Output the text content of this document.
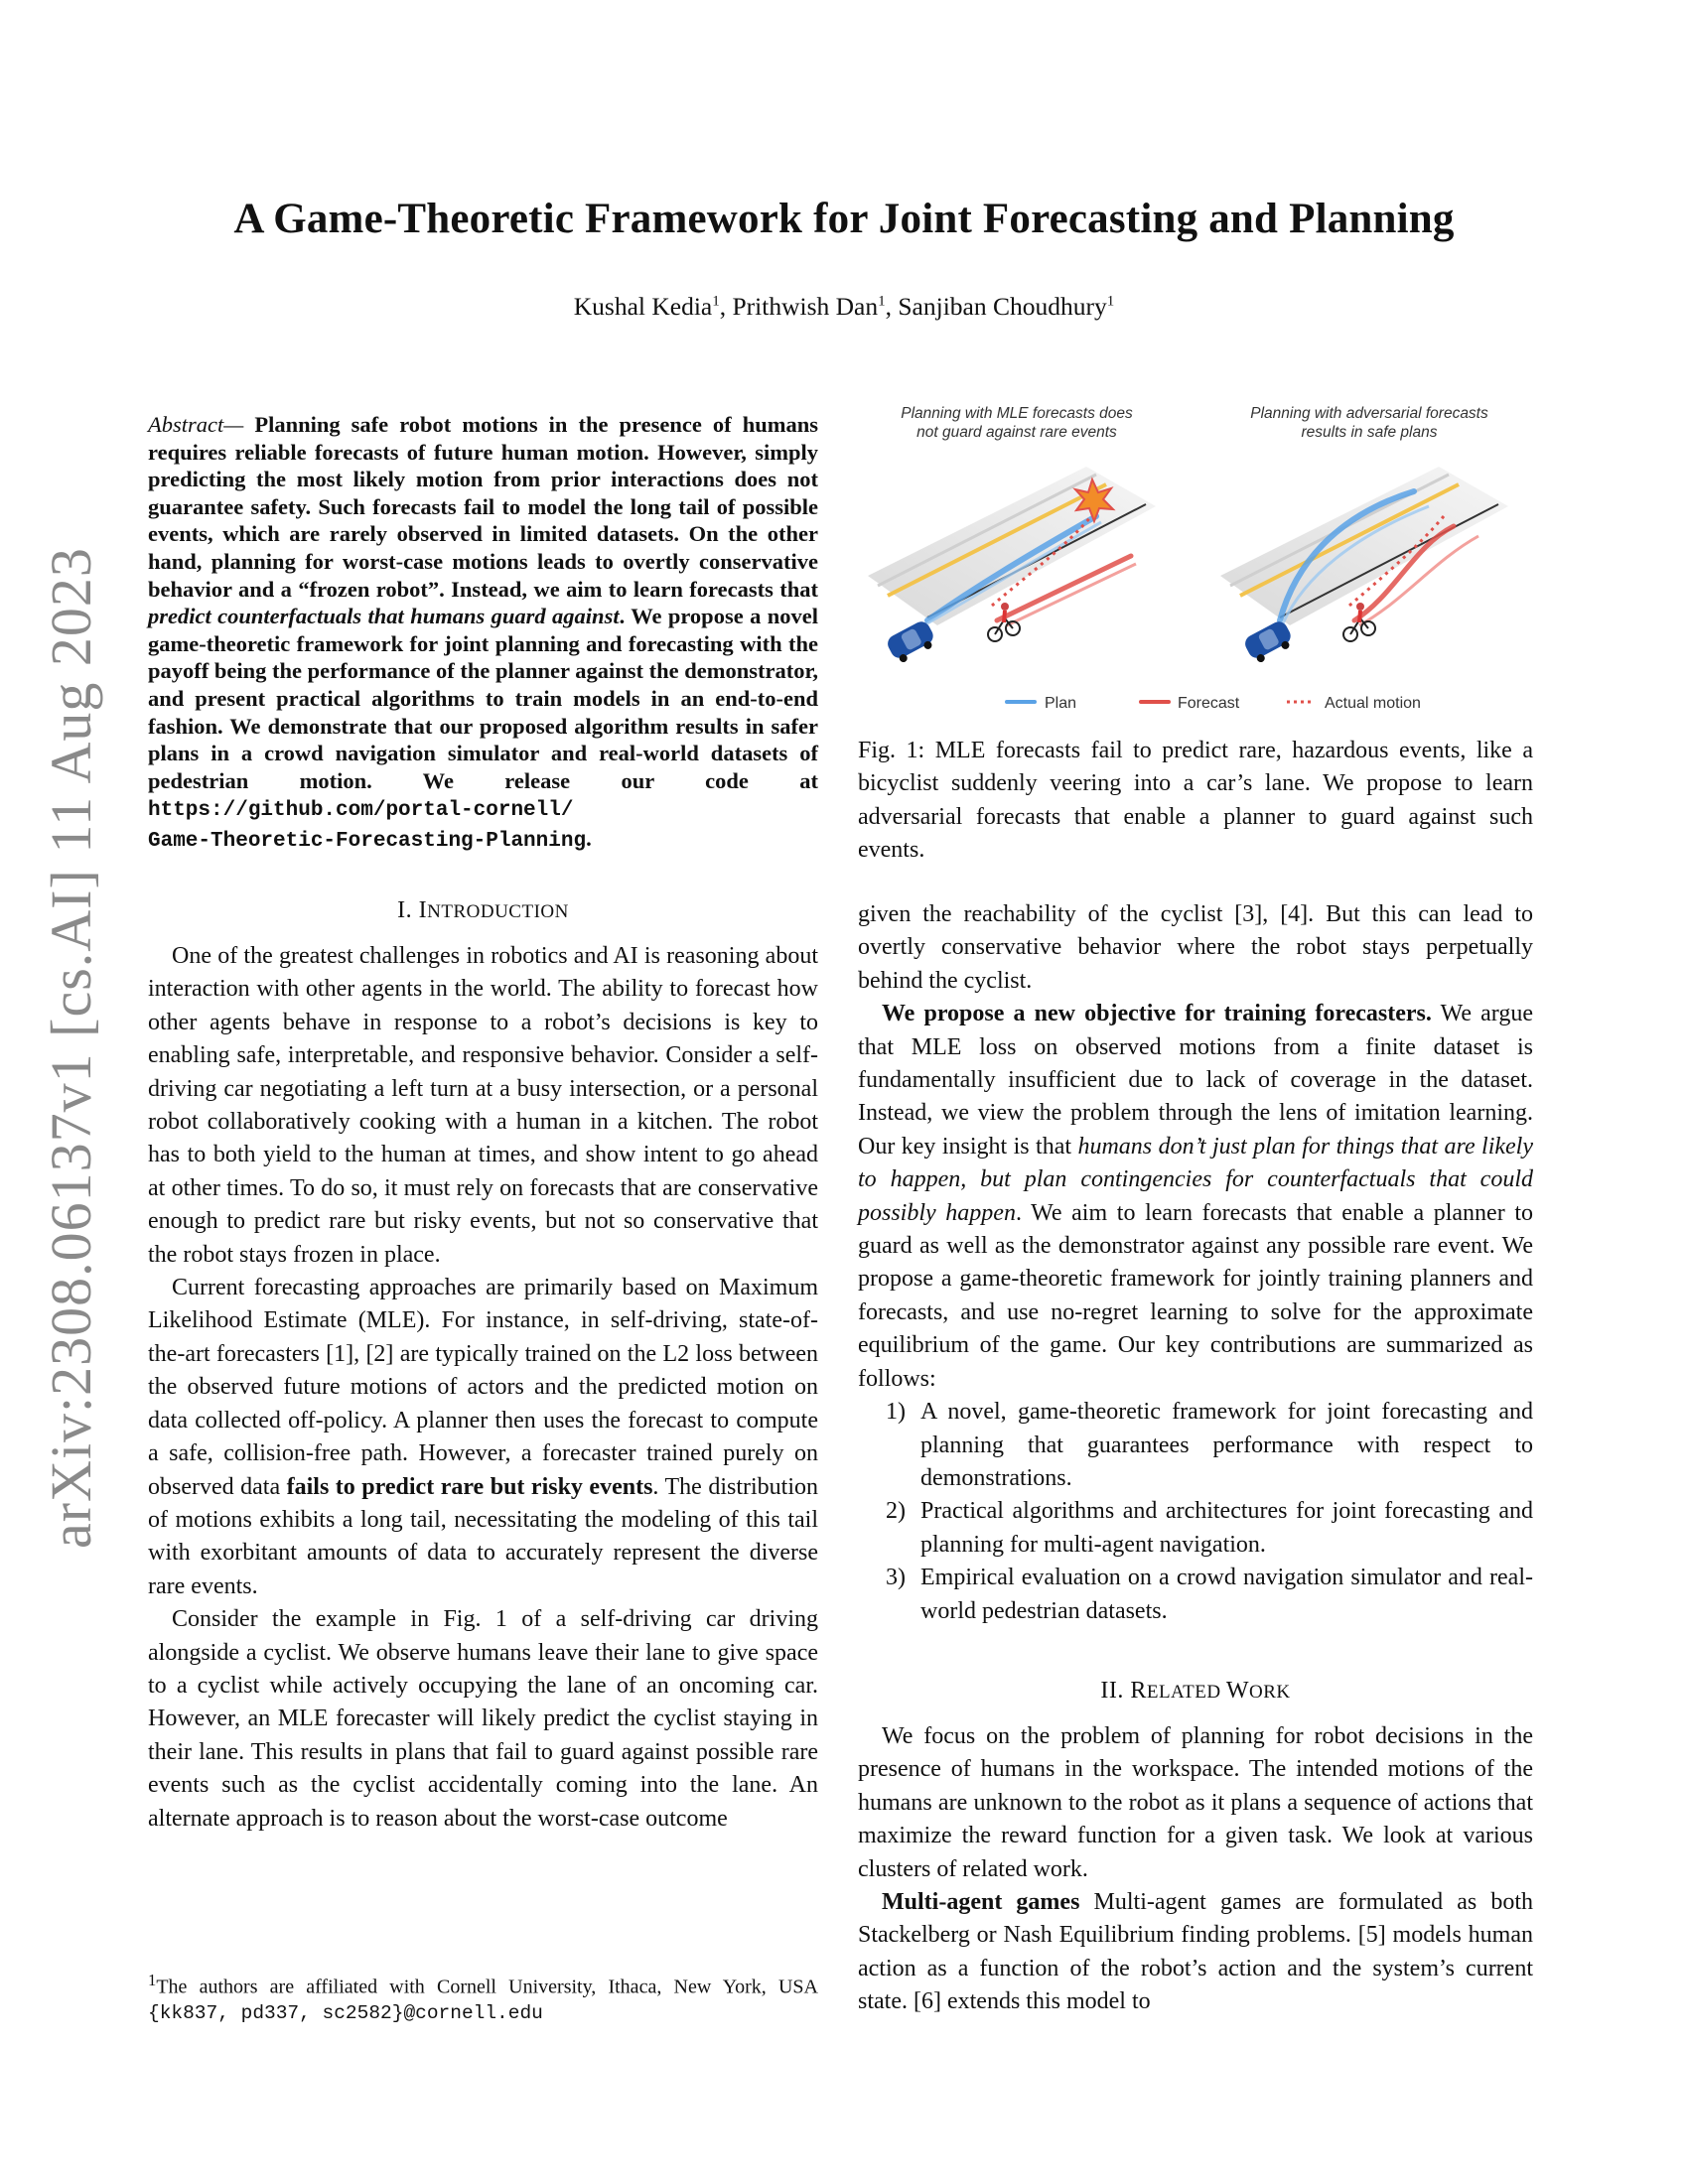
arXiv:2308.06137v1 [cs.AI] 11 Aug 2023
A Game-Theoretic Framework for Joint Forecasting and Planning
Kushal Kedia$^1$, Prithwish Dan$^1$, Sanjiban Choudhury$^1$
Abstract— Planning safe robot motions in the presence of humans requires reliable forecasts of future human motion. However, simply predicting the most likely motion from prior interactions does not guarantee safety. Such forecasts fail to model the long tail of possible events, which are rarely observed in limited datasets. On the other hand, planning for worst-case motions leads to overtly conservative behavior and a “frozen robot”. Instead, we aim to learn forecasts that predict counterfactuals that humans guard against. We propose a novel game-theoretic framework for joint planning and forecasting with the payoff being the performance of the planner against the demonstrator, and present practical algorithms to train models in an end-to-end fashion. We demonstrate that our proposed algorithm results in safer plans in a crowd navigation simulator and real-world datasets of pedestrian motion. We release our code at https://github.com/portal-cornell/
Game-Theoretic-Forecasting-Planning.
I. INTRODUCTION

One of the greatest challenges in robotics and AI is reasoning about interaction with other agents in the world. The ability to forecast how other agents behave in response to a robot’s decisions is key to enabling safe, interpretable, and responsive behavior. Consider a self-driving car negotiating a left turn at a busy intersection, or a personal robot collaboratively cooking with a human in a kitchen. The robot has to both yield to the human at times, and show intent to go ahead at other times. To do so, it must rely on forecasts that are conservative enough to predict rare but risky events, but not so conservative that the robot stays frozen in place.

Current forecasting approaches are primarily based on Maximum Likelihood Estimate (MLE). For instance, in self-driving, state-of-the-art forecasters [1], [2] are typically trained on the L2 loss between the observed future motions of actors and the predicted motion on data collected off-policy. A planner then uses the forecast to compute a safe, collision-free path. However, a forecaster trained purely on observed data fails to predict rare but risky events. The distribution of motions exhibits a long tail, necessitating the modeling of this tail with exorbitant amounts of data to accurately represent the diverse rare events.

Consider the example in Fig. 1 of a self-driving car driving alongside a cyclist. We observe humans leave their lane to give space to a cyclist while actively occupying the lane of an oncoming car. However, an MLE forecaster will likely predict the cyclist staying in their lane. This results in plans that fail to guard against possible rare events such as the cyclist accidentally coming into the lane. An alternate approach is to reason about the worst-case outcome

$^1$The authors are affiliated with Cornell University, Ithaca, New York, USA {kk837, pd337, sc2582}@cornell.edu
Planning with MLE forecasts does
not guard against rare events
Planning with adversarial forecasts
results in safe plans
Plan	Forecast	Actual motion
Fig. 1: MLE forecasts fail to predict rare, hazardous events, like a bicyclist suddenly veering into a car’s lane. We propose to learn adversarial forecasts that enable a planner to guard against such events.

given the reachability of the cyclist [3], [4]. But this can lead to overtly conservative behavior where the robot stays perpetually behind the cyclist.

We propose a new objective for training forecasters. We argue that MLE loss on observed motions from a finite dataset is fundamentally insufficient due to lack of coverage in the dataset. Instead, we view the problem through the lens of imitation learning. Our key insight is that humans don’t just plan for things that are likely to happen, but plan contingencies for counterfactuals that could possibly happen. We aim to learn forecasts that enable a planner to guard as well as the demonstrator against any possible rare event. We propose a game-theoretic framework for jointly training planners and forecasts, and use no-regret learning to solve for the approximate equilibrium of the game. Our key contributions are summarized as follows:

1) A novel, game-theoretic framework for joint forecasting and planning that guarantees performance with respect to demonstrations.
2) Practical algorithms and architectures for joint forecasting and planning for multi-agent navigation.
3) Empirical evaluation on a crowd navigation simulator and real-world pedestrian datasets.
II. RELATED WORK

We focus on the problem of planning for robot decisions in the presence of humans in the workspace. The intended motions of the humans are unknown to the robot as it plans a sequence of actions that maximize the reward function for a given task. We look at various clusters of related work.

Multi-agent games Multi-agent games are formulated as both Stackelberg or Nash Equilibrium finding problems. [5] models human action as a function of the robot’s action and the system’s current state. [6] extends this model to
